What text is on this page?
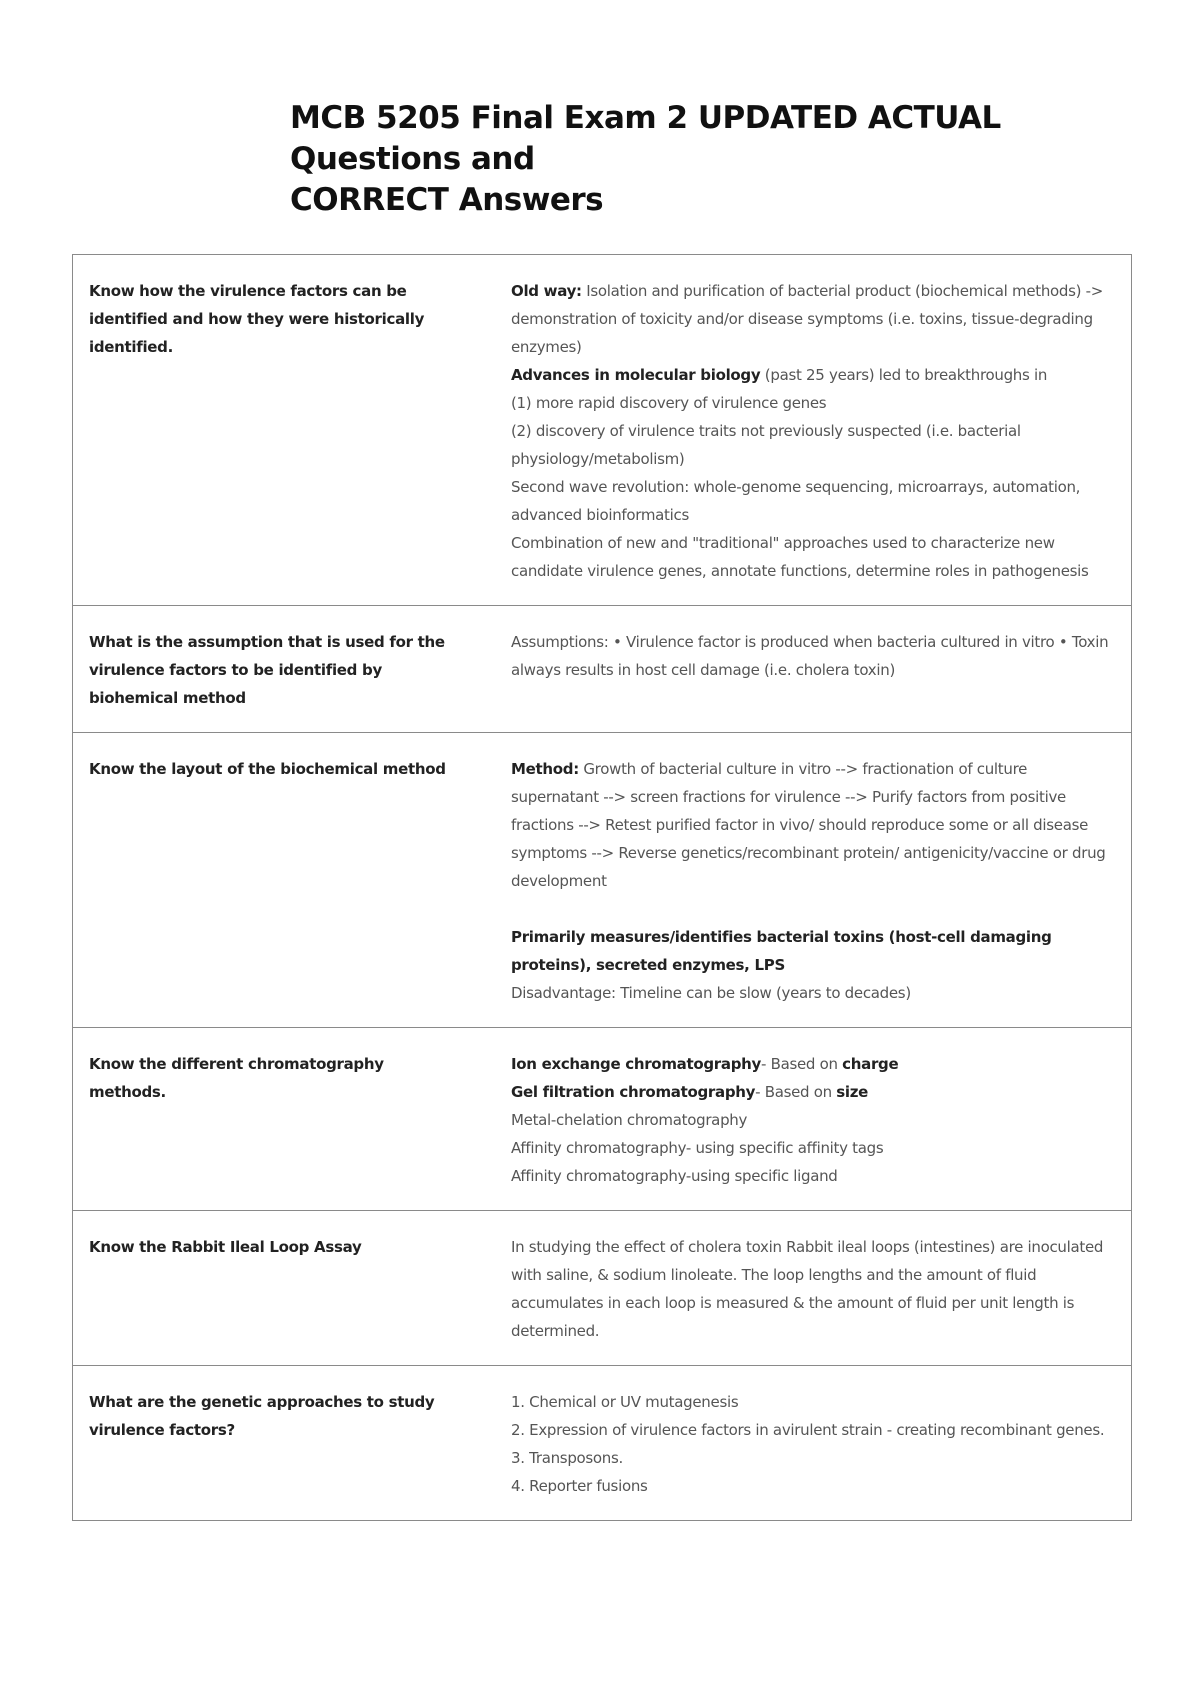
MCB 5205 Final Exam 2 UPDATED ACTUAL Questions and
CORRECT Answers
Know how the virulence factors can be identified and how they were historically identified.
Old way: Isolation and purification of bacterial product (biochemical methods) -> demonstration of toxicity and/or disease symptoms (i.e. toxins, tissue-degrading enzymes)
Advances in molecular biology (past 25 years) led to breakthroughs in
(1) more rapid discovery of virulence genes
(2) discovery of virulence traits not previously suspected (i.e. bacterial physiology/metabolism)
Second wave revolution: whole-genome sequencing, microarrays, automation, advanced bioinformatics
Combination of new and "traditional" approaches used to characterize new candidate virulence genes, annotate functions, determine roles in pathogenesis
What is the assumption that is used for the virulence factors to be identified by biohemical method
Assumptions: • Virulence factor is produced when bacteria cultured in vitro • Toxin always results in host cell damage (i.e. cholera toxin)
Know the layout of the biochemical method	Method: Growth of bacterial culture in vitro --> fractionation of culture supernatant --> screen fractions for virulence --> Purify factors from positive fractions --> Retest purified factor in vivo/ should reproduce some or all disease symptoms --> Reverse genetics/recombinant protein/ antigenicity/vaccine or drug development
Primarily measures/identifies bacterial toxins (host-cell damaging proteins), secreted enzymes, LPS
Disadvantage: Timeline can be slow (years to decades)
Know the different chromatography methods.
Ion exchange chromatography- Based on charge
Gel filtration chromatography- Based on size
Metal-chelation chromatography
Affinity chromatography- using specific affinity tags
Affinity chromatography-using specific ligand
Know the Rabbit Ileal Loop Assay	In studying the effect of cholera toxin Rabbit ileal loops (intestines) are inoculated with saline, & sodium linoleate. The loop lengths and the amount of fluid accumulates in each loop is measured & the amount of fluid per unit length is determined.
What are the genetic approaches to study virulence factors?
1. Chemical or UV mutagenesis
2. Expression of virulence factors in avirulent strain - creating recombinant genes.
3. Transposons.
4. Reporter fusions
